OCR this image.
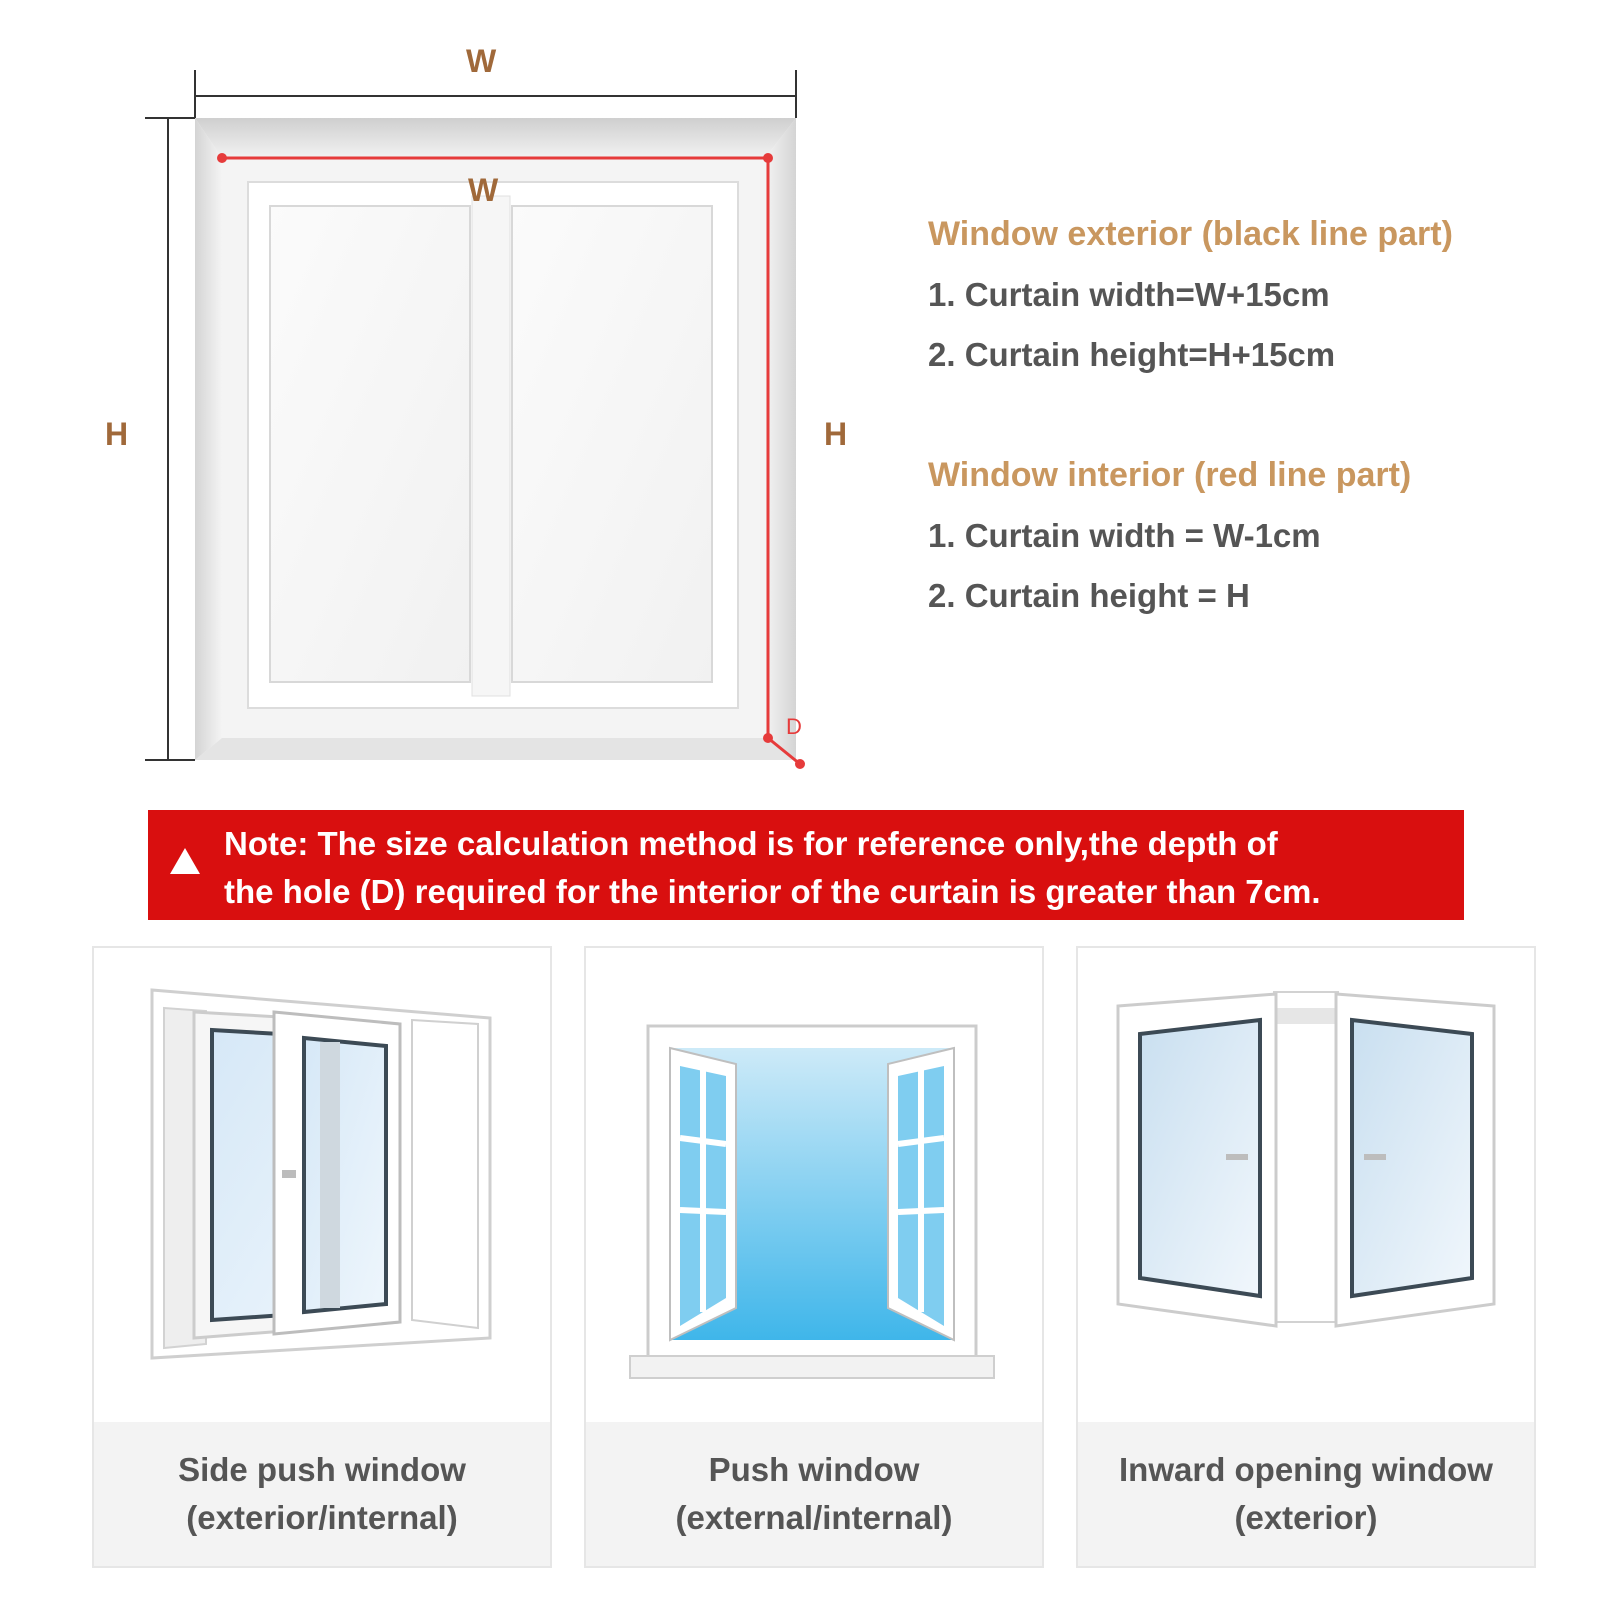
W
W
H	H
D
Window exterior (black line part)
1. Curtain width=W+15cm
2. Curtain height=H+15cm
Window interior (red line part)
1. Curtain width = W-1cm
2. Curtain height = H
Note: The size calculation method is for reference only,the depth of
the hole (D) required for the interior of the curtain is greater than 7cm.
Side push window
(exterior/internal)
Push window
(external/internal)
Inward opening window
(exterior)
